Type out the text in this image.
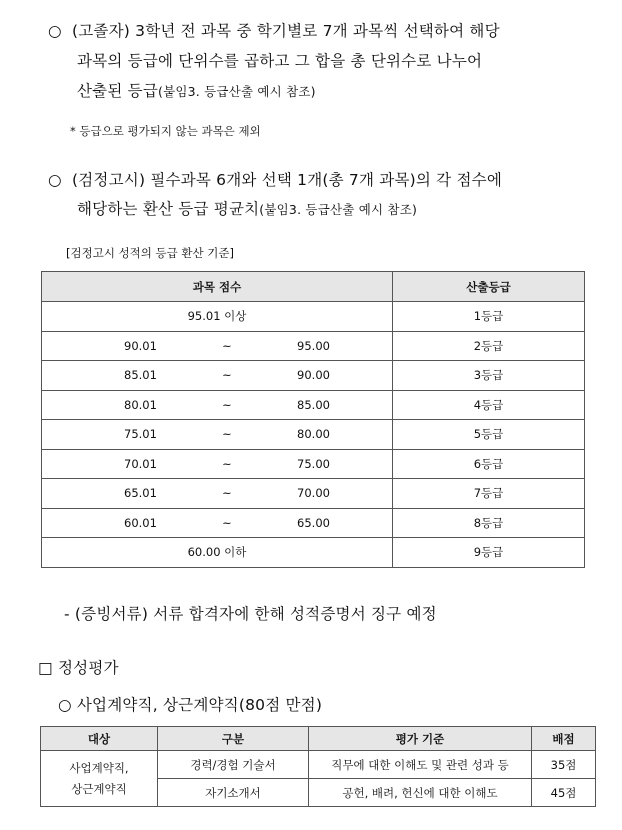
○ (고졸자) 3학년 전 과목 중 학기별로 7개 과목씩 선택하여 해당
과목의 등급에 단위수를 곱하고 그 합을 총 단위수로 나누어
산출된 등급(붙임3. 등급산출 예시 참조)
* 등급으로 평가되지 않는 과목은 제외
○ (검정고시) 필수과목 6개와 선택 1개(총 7개 과목)의 각 점수에
해당하는 환산 등급 평균치(붙임3. 등급산출 예시 참조)
[검정고시 성적의 등급 환산 기준]
과목 점수	산출등급
95.01 이상	1등급

90.01 ~ 95.00	2등급

85.01 ~ 90.00	3등급

80.01 ~ 85.00	4등급

75.01 ~ 80.00	5등급

70.01 ~ 75.00	6등급

65.01 ~ 70.00	7등급

60.01 ~ 65.00	8등급
60.00 이하	9등급
- (증빙서류) 서류 합격자에 한해 성적증명서 징구 예정
□ 정성평가
○ 사업계약직, 상근계약직(80점 만점)
대상	구분	평가 기준	배점

사업계약직,
상근계약직	경력/경험 기술서	직무에 대한 이해도 및 관련 성과 등	35점
	자기소개서	공헌, 배려, 헌신에 대한 이해도	45점
